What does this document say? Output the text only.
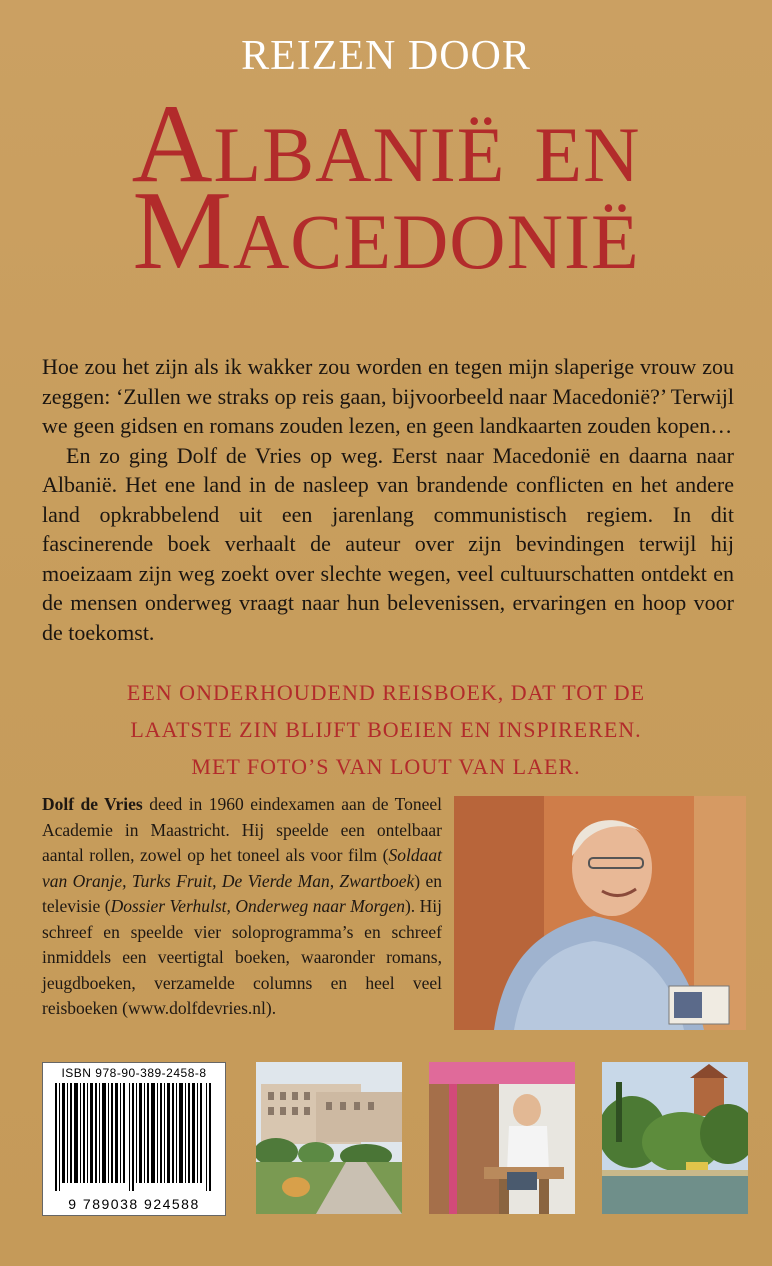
REIZEN DOOR
Albanië en
Macedonië

Hoe zou het zijn als ik wakker zou worden en tegen mijn slaperige vrouw zou zeggen: ‘Zullen we straks op reis gaan, bijvoorbeeld naar Macedonië?’ Terwijl we geen gidsen en romans zouden lezen, en geen landkaarten zouden kopen…

En zo ging Dolf de Vries op weg. Eerst naar Macedonië en daarna naar Albanië. Het ene land in de nasleep van brandende conflicten en het andere land opkrabbelend uit een jarenlang communistisch regiem. In dit fascinerende boek verhaalt de auteur over zijn bevindingen terwijl hij moeizaam zijn weg zoekt over slechte wegen, veel cultuurschatten ontdekt en de mensen onderweg vraagt naar hun belevenissen, ervaringen en hoop voor de toekomst.

EEN ONDERHOUDEND REISBOEK, DAT TOT DE
LAATSTE ZIN BLIJFT BOEIEN EN INSPIREREN.
MET FOTO’S VAN LOUT VAN LAER.

Dolf de Vries deed in 1960 eindexamen aan de Toneel Academie in Maastricht. Hij speelde een ontelbaar aantal rollen, zowel op het toneel als voor film (Soldaat van Oranje, Turks Fruit, De Vierde Man, Zwartboek) en televisie (Dossier Verhulst, Onderweg naar Morgen). Hij schreef en speelde vier soloprogramma’s en schreef inmiddels een veertigtal boeken, waaronder romans, jeugdboeken, verzamelde columns en heel veel reisboeken (www.dolfdevries.nl).

ISBN 978-90-389-2458-8
9 789038 924588
